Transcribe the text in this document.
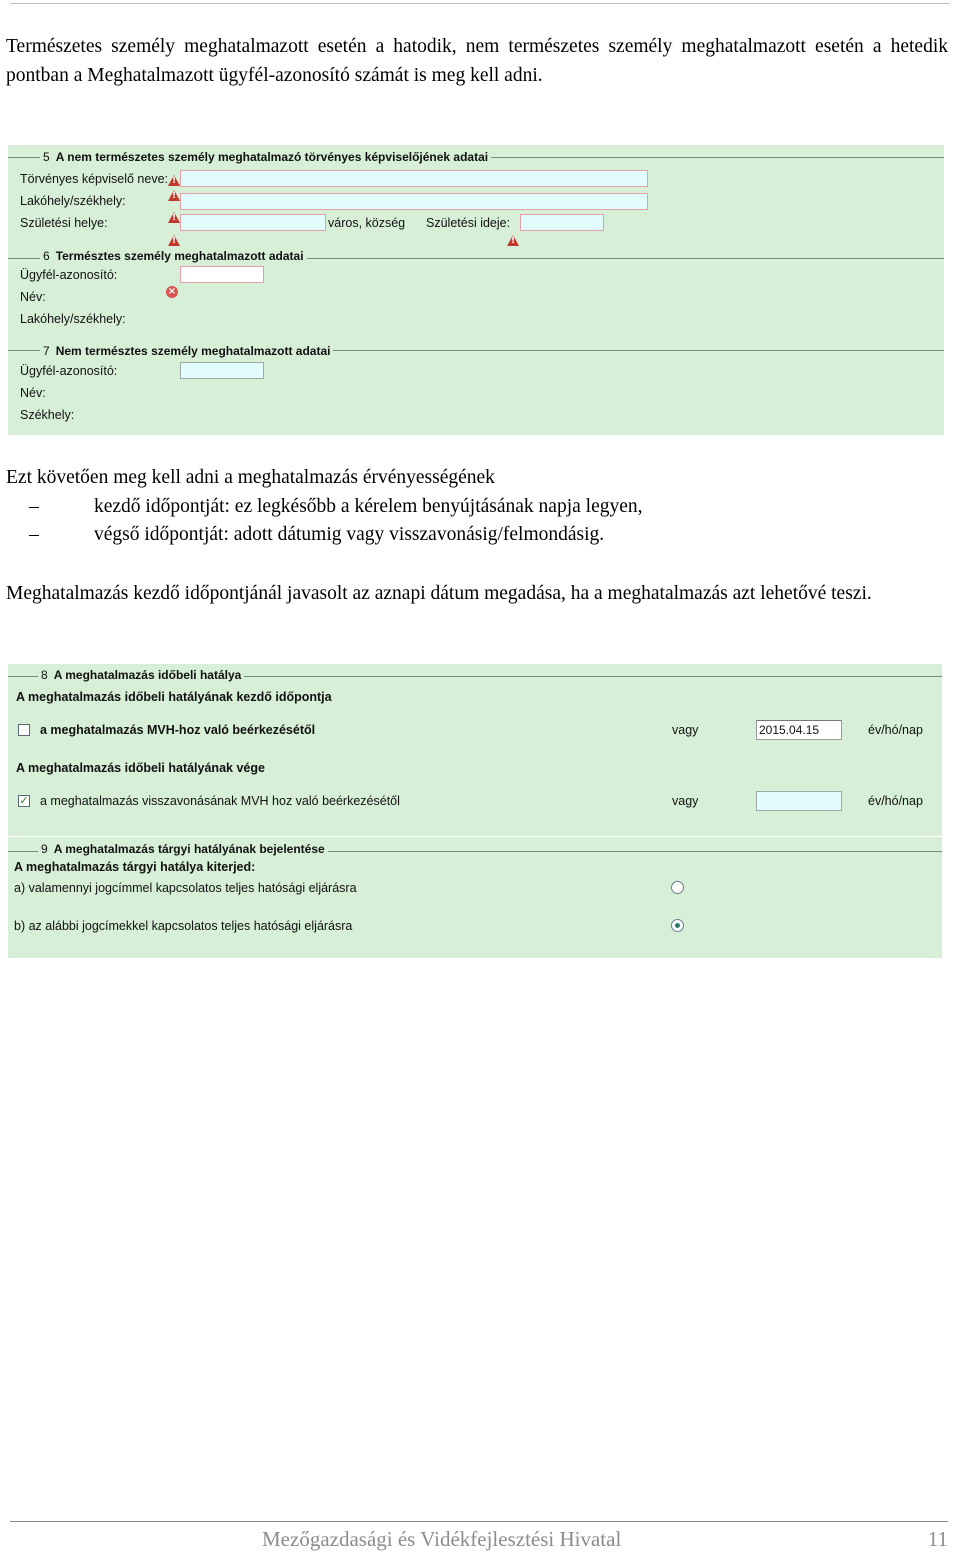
Természetes személy meghatalmazott esetén a hatodik, nem természetes személy meghatalmazott esetén a hetedik pontban a Meghatalmazott ügyfél-azonosító számát is meg kell adni.
5 A nem természetes személy meghatalmazó törvényes képviselőjének adatai
Törvényes képviselő neve:
!
Lakóhely/székhely:
!
Születési helye:
!	város, község Születési ideje:
!
!
6 Természtes személy meghatalmazott adatai
Ügyfél-azonosító:
×
Név:
Lakóhely/székhely:
7 Nem természtes személy meghatalmazott adatai
Ügyfél-azonosító:
Név:
Székhely:
Ezt követően meg kell adni a meghatalmazás érvényességének
–
kezdő időpontját: ez legkésőbb a kérelem benyújtásának napja legyen,
–
végső időpontját: adott dátumig vagy visszavonásig/felmondásig.
Meghatalmazás kezdő időpontjánál javasolt az aznapi dátum megadása, ha a meghatalmazás azt lehetővé teszi.
8 A meghatalmazás időbeli hatálya
A meghatalmazás időbeli hatályának kezdő időpontja
a meghatalmazás MVH-hoz való beérkezésétől	vagy	2015.04.15	év/hó/nap
A meghatalmazás időbeli hatályának vége
✓ a meghatalmazás visszavonásának MVH hoz való beérkezésétől	vagy	év/hó/nap
9 A meghatalmazás tárgyi hatályának bejelentése
A meghatalmazás tárgyi hatálya kiterjed:
a) valamennyi jogcímmel kapcsolatos teljes hatósági eljárásra
b) az alábbi jogcímekkel kapcsolatos teljes hatósági eljárásra
Mezőgazdasági és Vidékfejlesztési Hivatal	11
